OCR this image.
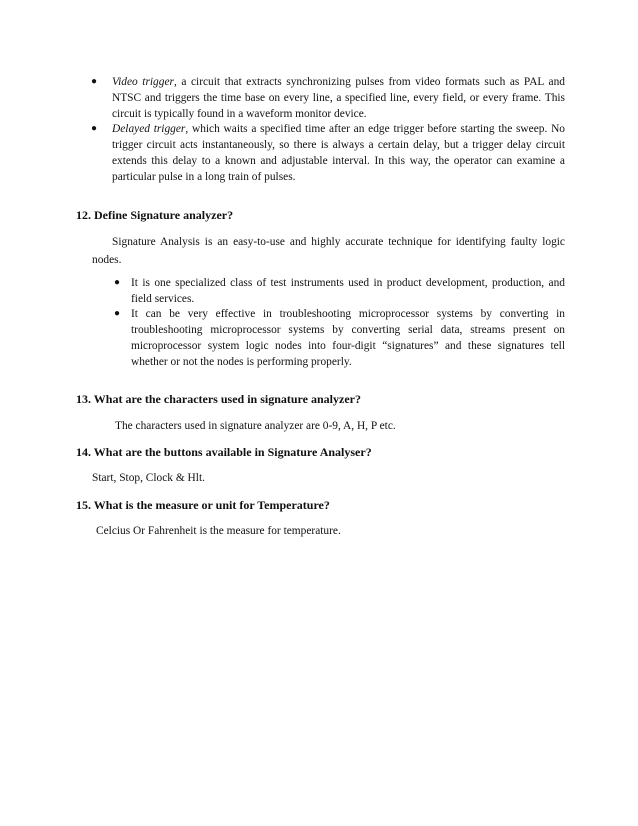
● Video trigger, a circuit that extracts synchronizing pulses from video formats such as PAL and NTSC and triggers the time base on every line, a specified line, every field, or every frame. This circuit is typically found in a waveform monitor device.
● Delayed trigger, which waits a specified time after an edge trigger before starting the sweep. No trigger circuit acts instantaneously, so there is always a certain delay, but a trigger delay circuit extends this delay to a known and adjustable interval. In this way, the operator can examine a particular pulse in a long train of pulses.
12. Define Signature analyzer?
Signature Analysis is an easy-to-use and highly accurate technique for identifying faulty logic nodes.
● It is one specialized class of test instruments used in product development, production, and field services.
● It can be very effective in troubleshooting microprocessor systems by converting in troubleshooting microprocessor systems by converting serial data, streams present on microprocessor system logic nodes into four-digit “signatures” and these signatures tell whether or not the nodes is performing properly.
13. What are the characters used in signature analyzer?
The characters used in signature analyzer are 0-9, A, H, P etc.
14. What are the buttons available in Signature Analyser?
Start, Stop, Clock & Hlt.
15. What is the measure or unit for Temperature?
Celcius Or Fahrenheit is the measure for temperature.
